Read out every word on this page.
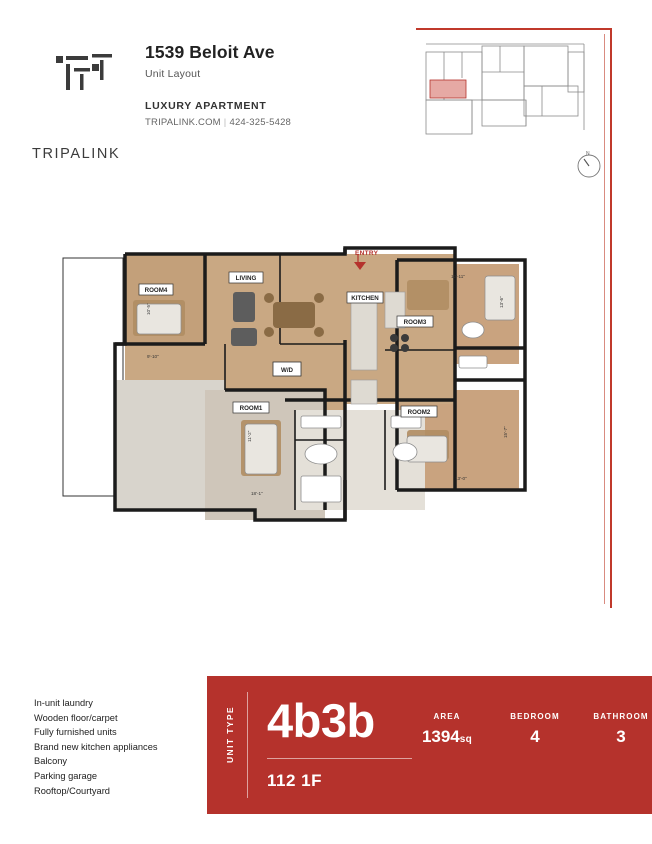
TRIPALINK
1539 Beloit Ave
Unit Layout
LUXURY APARTMENT
TRIPALINK.COM | 424-325-5428
N
ROOM4
LIVING
KITCHEN
W/D
ROOM1
ROOM3
ROOM2
10'-5"
9'-10"
11'-2"
18'-1"
12'-11"
13'-6"
13'-0"
15'-7"
ENTRY
In-unit laundry
Wooden floor/carpet
Fully furnished units
Brand new kitchen appliances
Balcony
Parking garage
Rooftop/Courtyard
UNIT TYPE 4b3b
112 1F
AREA
1394sq
BEDROOM
4
BATHROOM
3
